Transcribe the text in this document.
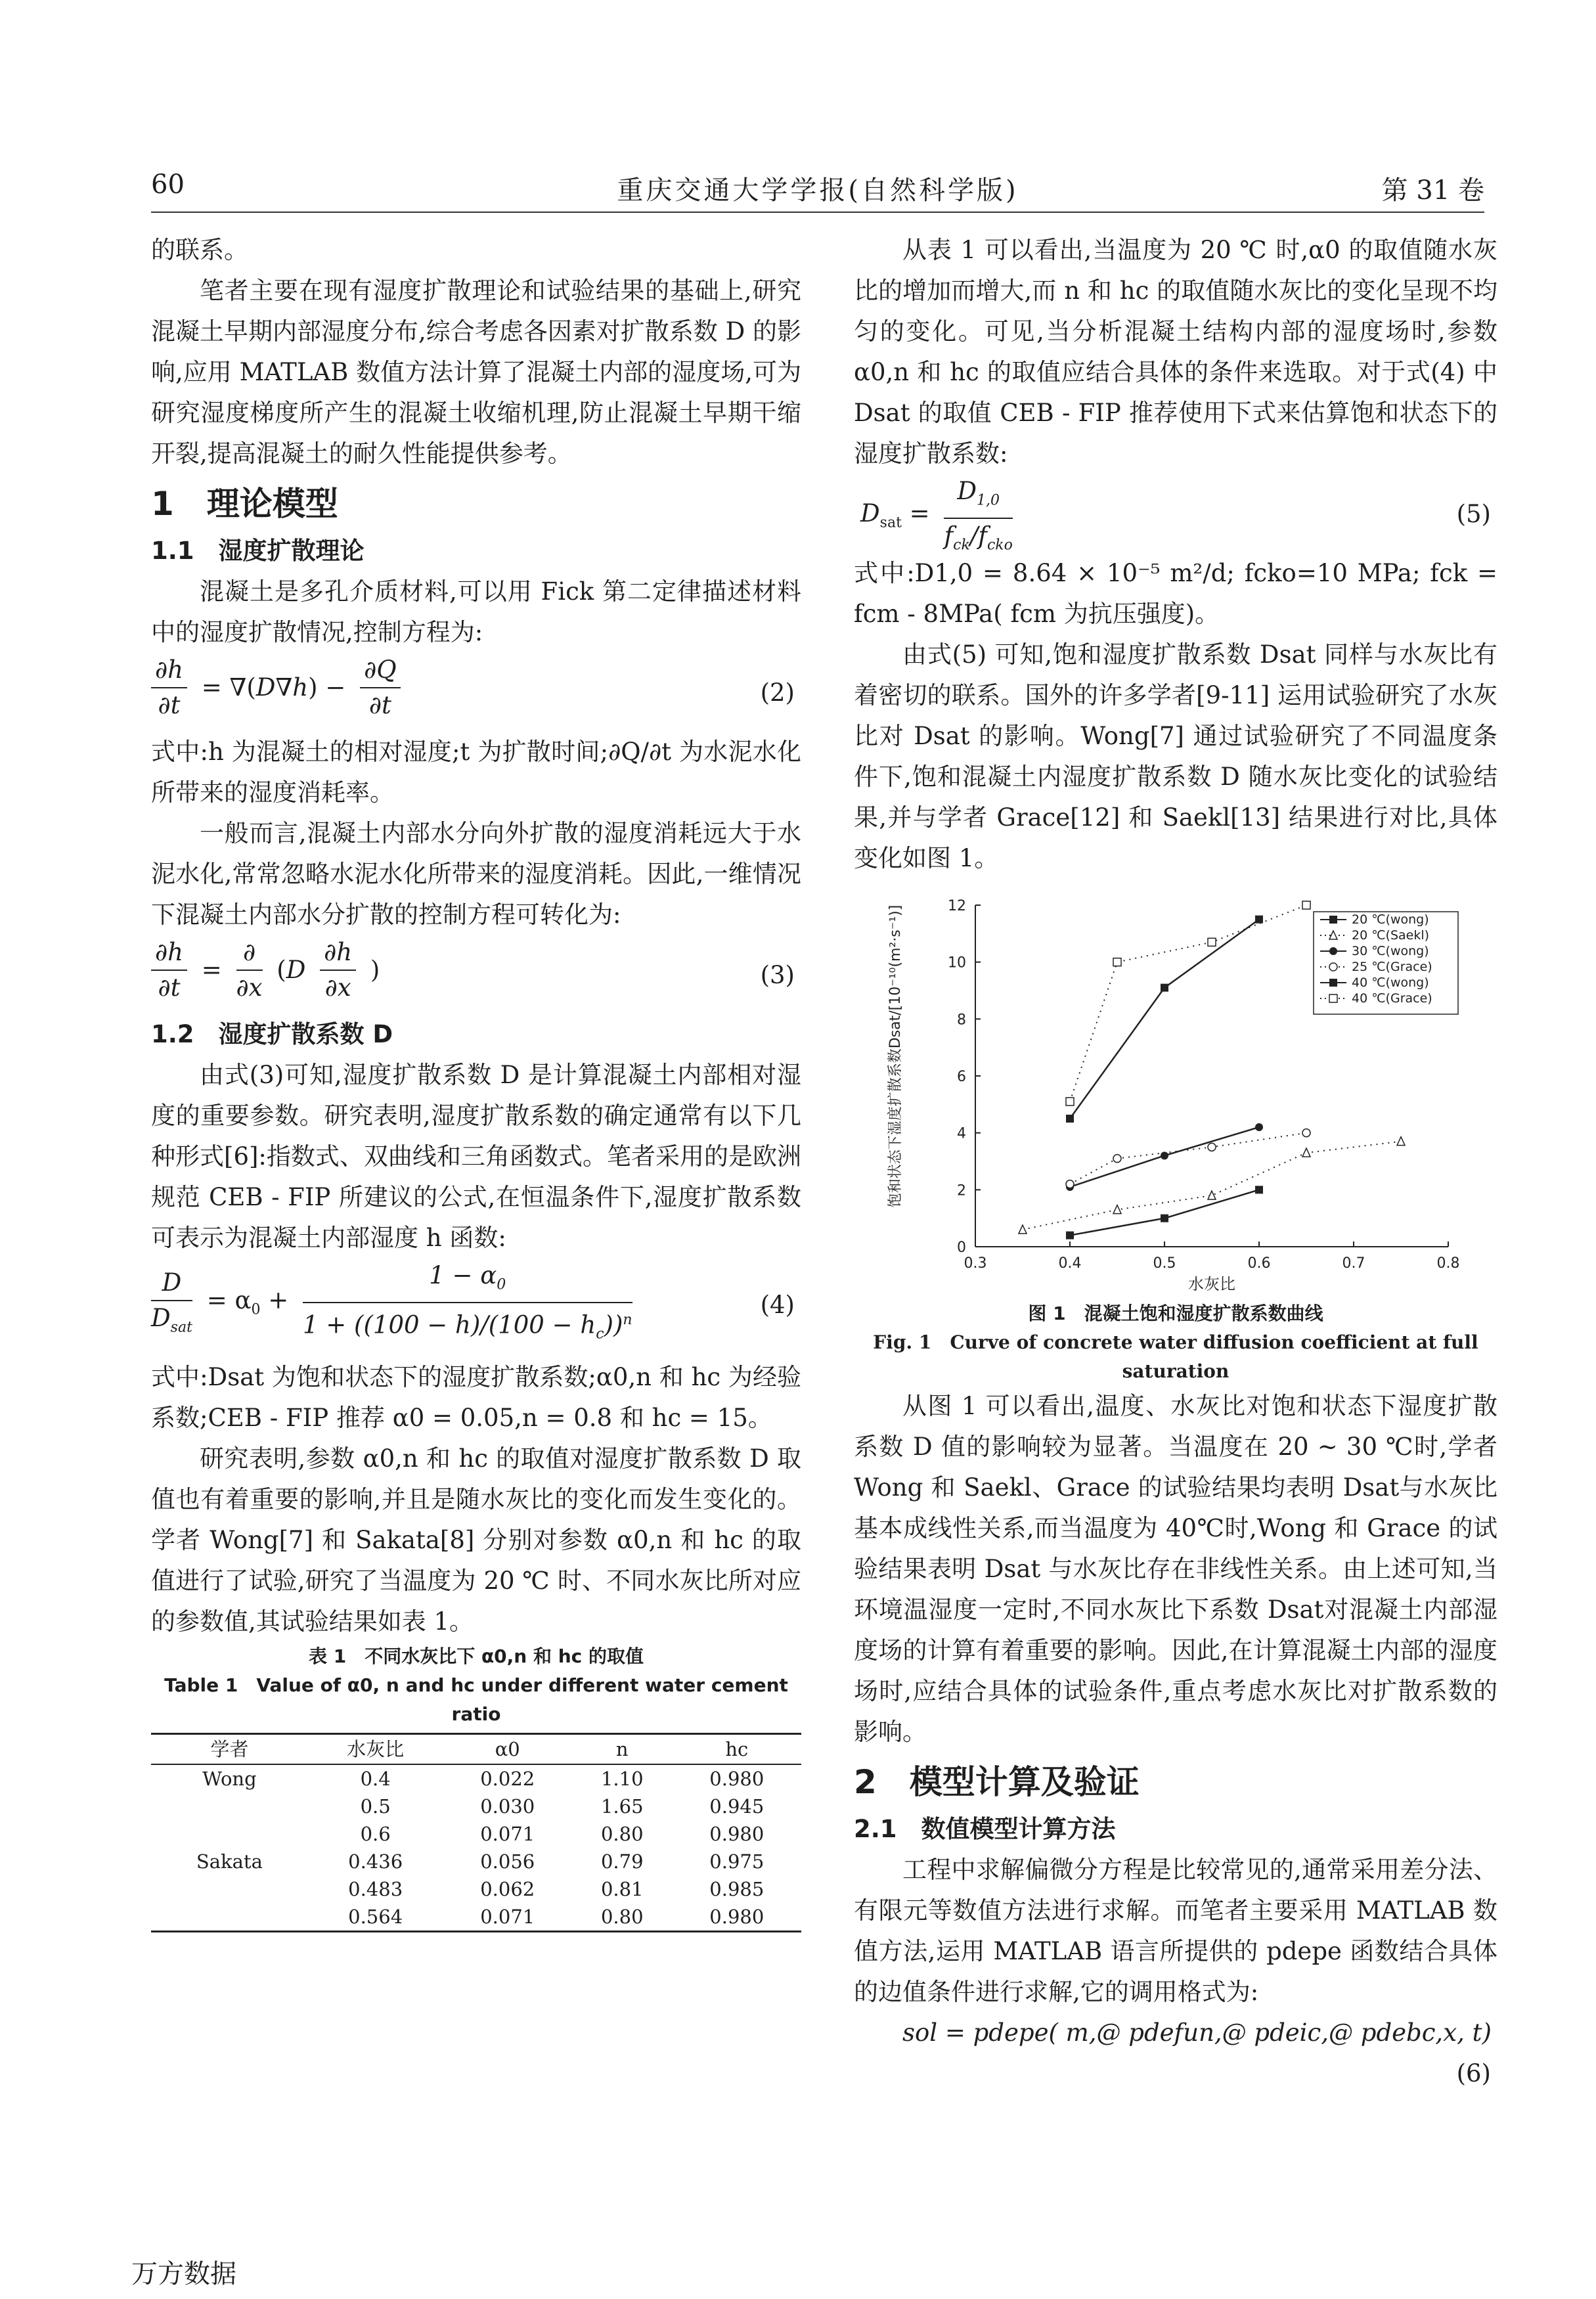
60	重庆交通大学学报(自然科学版)	第 31 卷

的联系。

笔者主要在现有湿度扩散理论和试验结果的基础上,研究混凝土早期内部湿度分布,综合考虑各因素对扩散系数 D 的影响,应用 MATLAB 数值方法计算了混凝土内部的湿度场,可为研究湿度梯度所产生的混凝土收缩机理,防止混凝土早期干缩开裂,提高混凝土的耐久性能提供参考。

1　理论模型
1.1　湿度扩散理论

混凝土是多孔介质材料,可以用 Fick 第二定律描述材料中的湿度扩散情况,控制方程为:

$\frac{\partial h}{\partial t} = \nabla(D\nabla h) - \frac{\partial Q}{\partial t}$	(2)

式中:h 为混凝土的相对湿度;t 为扩散时间;∂Q/∂t 为水泥水化所带来的湿度消耗率。

一般而言,混凝土内部水分向外扩散的湿度消耗远大于水泥水化,常常忽略水泥水化所带来的湿度消耗。因此,一维情况下混凝土内部水分扩散的控制方程可转化为:

$\frac{\partial h}{\partial t} = \frac{\partial}{\partial x} (D \frac{\partial h}{\partial x}$ )	(3)
1.2　湿度扩散系数 D

由式(3)可知,湿度扩散系数 D 是计算混凝土内部相对湿度的重要参数。研究表明,湿度扩散系数的确定通常有以下几种形式[6]:指数式、双曲线和三角函数式。笔者采用的是欧洲规范 CEB - FIP 所建议的公式,在恒温条件下,湿度扩散系数可表示为混凝土内部湿度 h 函数:

$\frac{D}{D_{sat}} = \alpha_0 + \frac{1 - \alpha_0}{1 + ((100 - h)/(100 - h_c))^n}$	(4)

式中:Dsat 为饱和状态下的湿度扩散系数;α0,n 和 hc 为经验系数;CEB - FIP 推荐 α0 = 0.05,n = 0.8 和 hc = 15。

研究表明,参数 α0,n 和 hc 的取值对湿度扩散系数 D 取值也有着重要的影响,并且是随水灰比的变化而发生变化的。学者 Wong[7] 和 Sakata[8] 分别对参数 α0,n 和 hc 的取值进行了试验,研究了当温度为 20 ℃ 时、不同水灰比所对应的参数值,其试验结果如表 1。

表 1　不同水灰比下 α0,n 和 hc 的取值
Table 1　Value of α0, n and hc under different water cement ratio
学者	水灰比	α0	n	hc
Wong	0.4	0.022	1.10	0.980
	0.5	0.030	1.65	0.945
	0.6	0.071	0.80	0.980
Sakata	0.436	0.056	0.79	0.975
	0.483	0.062	0.81	0.985
	0.564	0.071	0.80	0.980

从表 1 可以看出,当温度为 20 ℃ 时,α0 的取值随水灰比的增加而增大,而 n 和 hc 的取值随水灰比的变化呈现不均匀的变化。可见,当分析混凝土结构内部的湿度场时,参数 α0,n 和 hc 的取值应结合具体的条件来选取。对于式(4) 中 Dsat 的取值 CEB - FIP 推荐使用下式来估算饱和状态下的湿度扩散系数:

$D_{sat} = \frac{D_{1,0}}{f_{ck}/f_{cko}}$	(5)

式中:D1,0 = 8.64 × 10⁻⁵ m²/d; fcko=10 MPa; fck = fcm - 8MPa( fcm 为抗压强度)。

由式(5) 可知,饱和湿度扩散系数 Dsat 同样与水灰比有着密切的联系。国外的许多学者[9-11] 运用试验研究了水灰比对 Dsat 的影响。Wong[7] 通过试验研究了不同温度条件下,饱和混凝土内湿度扩散系数 D 随水灰比变化的试验结果,并与学者 Grace[12] 和 Saekl[13] 结果进行对比,具体变化如图 1。

0.3	0.4	0.5	0.6	0.7	0.8
0
2
4
6
8
10
12
20 ℃(wong)
20 ℃(Saekl)
30 ℃(wong)
25 ℃(Grace)
40 ℃(wong)
40 ℃(Grace)
饱和状态下湿度扩散系数Dsat/[10⁻¹⁰(m²·s⁻¹)]
水灰比
图 1　混凝土饱和湿度扩散系数曲线
Fig. 1　Curve of concrete water diffusion coefficient at full saturation

从图 1 可以看出,温度、水灰比对饱和状态下湿度扩散系数 D 值的影响较为显著。当温度在 20 ~ 30 ℃时,学者 Wong 和 Saekl、Grace 的试验结果均表明 Dsat与水灰比基本成线性关系,而当温度为 40℃时,Wong 和 Grace 的试验结果表明 Dsat 与水灰比存在非线性关系。由上述可知,当环境温湿度一定时,不同水灰比下系数 Dsat对混凝土内部湿度场的计算有着重要的影响。因此,在计算混凝土内部的湿度场时,应结合具体的试验条件,重点考虑水灰比对扩散系数的影响。

2　模型计算及验证
2.1　数值模型计算方法

工程中求解偏微分方程是比较常见的,通常采用差分法、有限元等数值方法进行求解。而笔者主要采用 MATLAB 数值方法,运用 MATLAB 语言所提供的 pdepe 函数结合具体的边值条件进行求解,它的调用格式为:

sol = pdepe( m,@ pdefun,@ pdeic,@ pdebc,x, t)

(6)
万方数据
